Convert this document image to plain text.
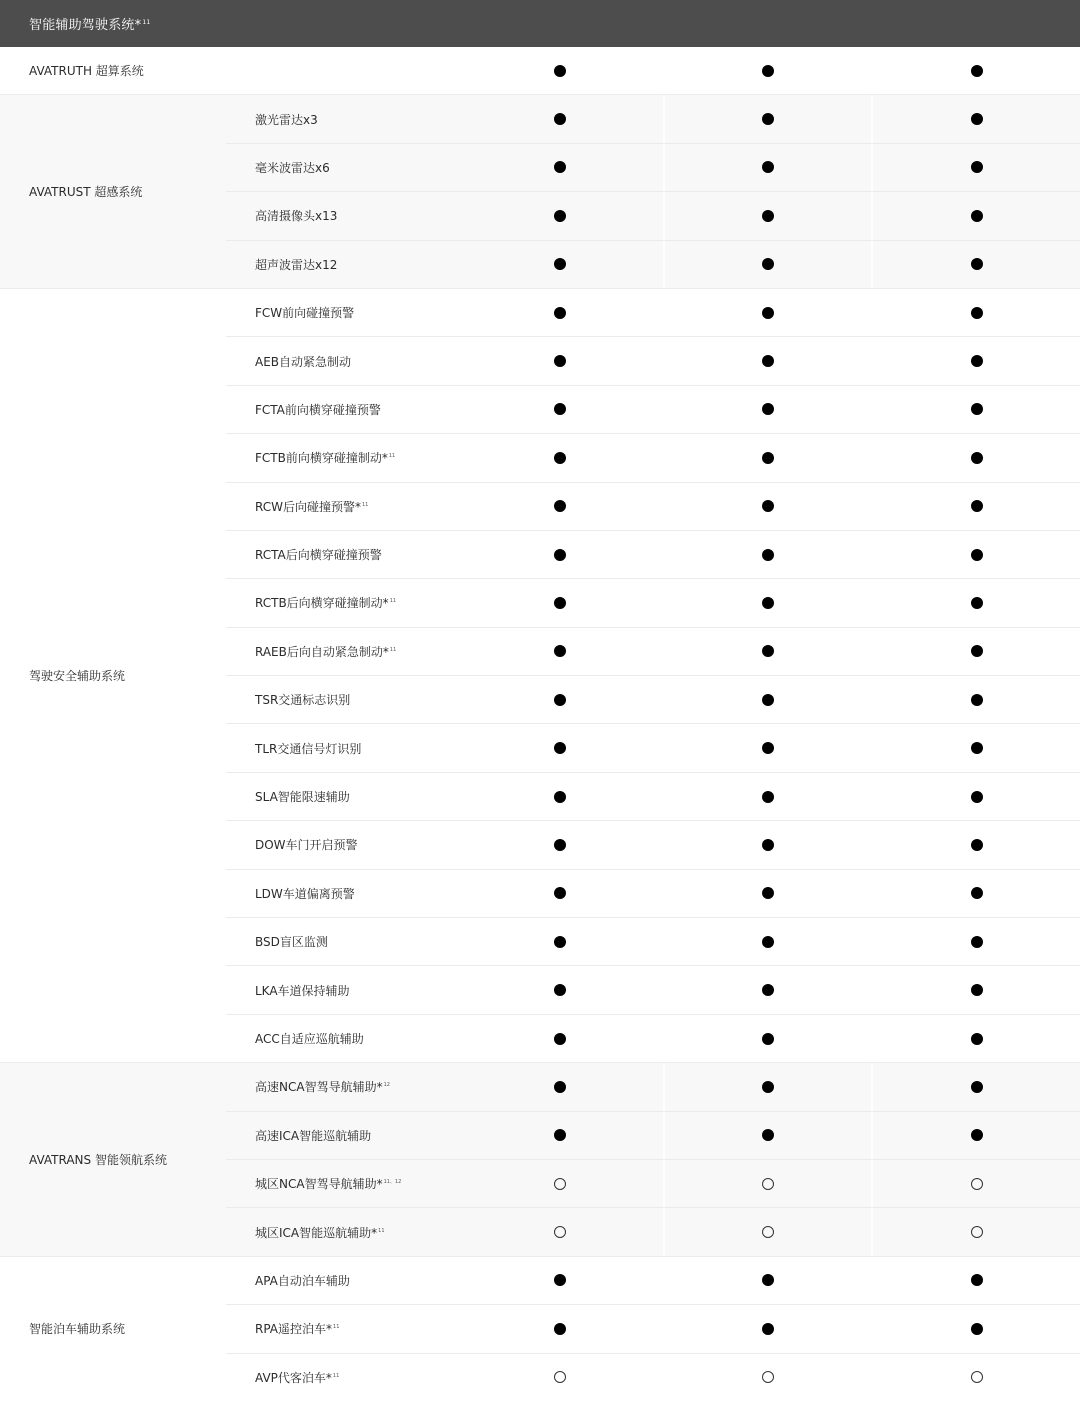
智能辅助驾驶系统*$^{11}$
AVATRUTH 超算系统
AVATRUST 超感系统
激光雷达x3
毫米波雷达x6
高清摄像头x13
超声波雷达x12
驾驶安全辅助系统
FCW前向碰撞预警
AEB自动紧急制动
FCTA前向横穿碰撞预警
FCTB前向横穿碰撞制动*$^{11}$
RCW后向碰撞预警*$^{11}$
RCTA后向横穿碰撞预警
RCTB后向横穿碰撞制动*$^{11}$
RAEB后向自动紧急制动*$^{11}$
TSR交通标志识别
TLR交通信号灯识别
SLA智能限速辅助
DOW车门开启预警
LDW车道偏离预警
BSD盲区监测
LKA车道保持辅助
ACC自适应巡航辅助
AVATRANS 智能领航系统
高速NCA智驾导航辅助*$^{12}$
高速ICA智能巡航辅助
城区NCA智驾导航辅助*$^{11、12}$
城区ICA智能巡航辅助*$^{11}$
智能泊车辅助系统
APA自动泊车辅助
RPA遥控泊车*$^{11}$
AVP代客泊车*$^{11}$
